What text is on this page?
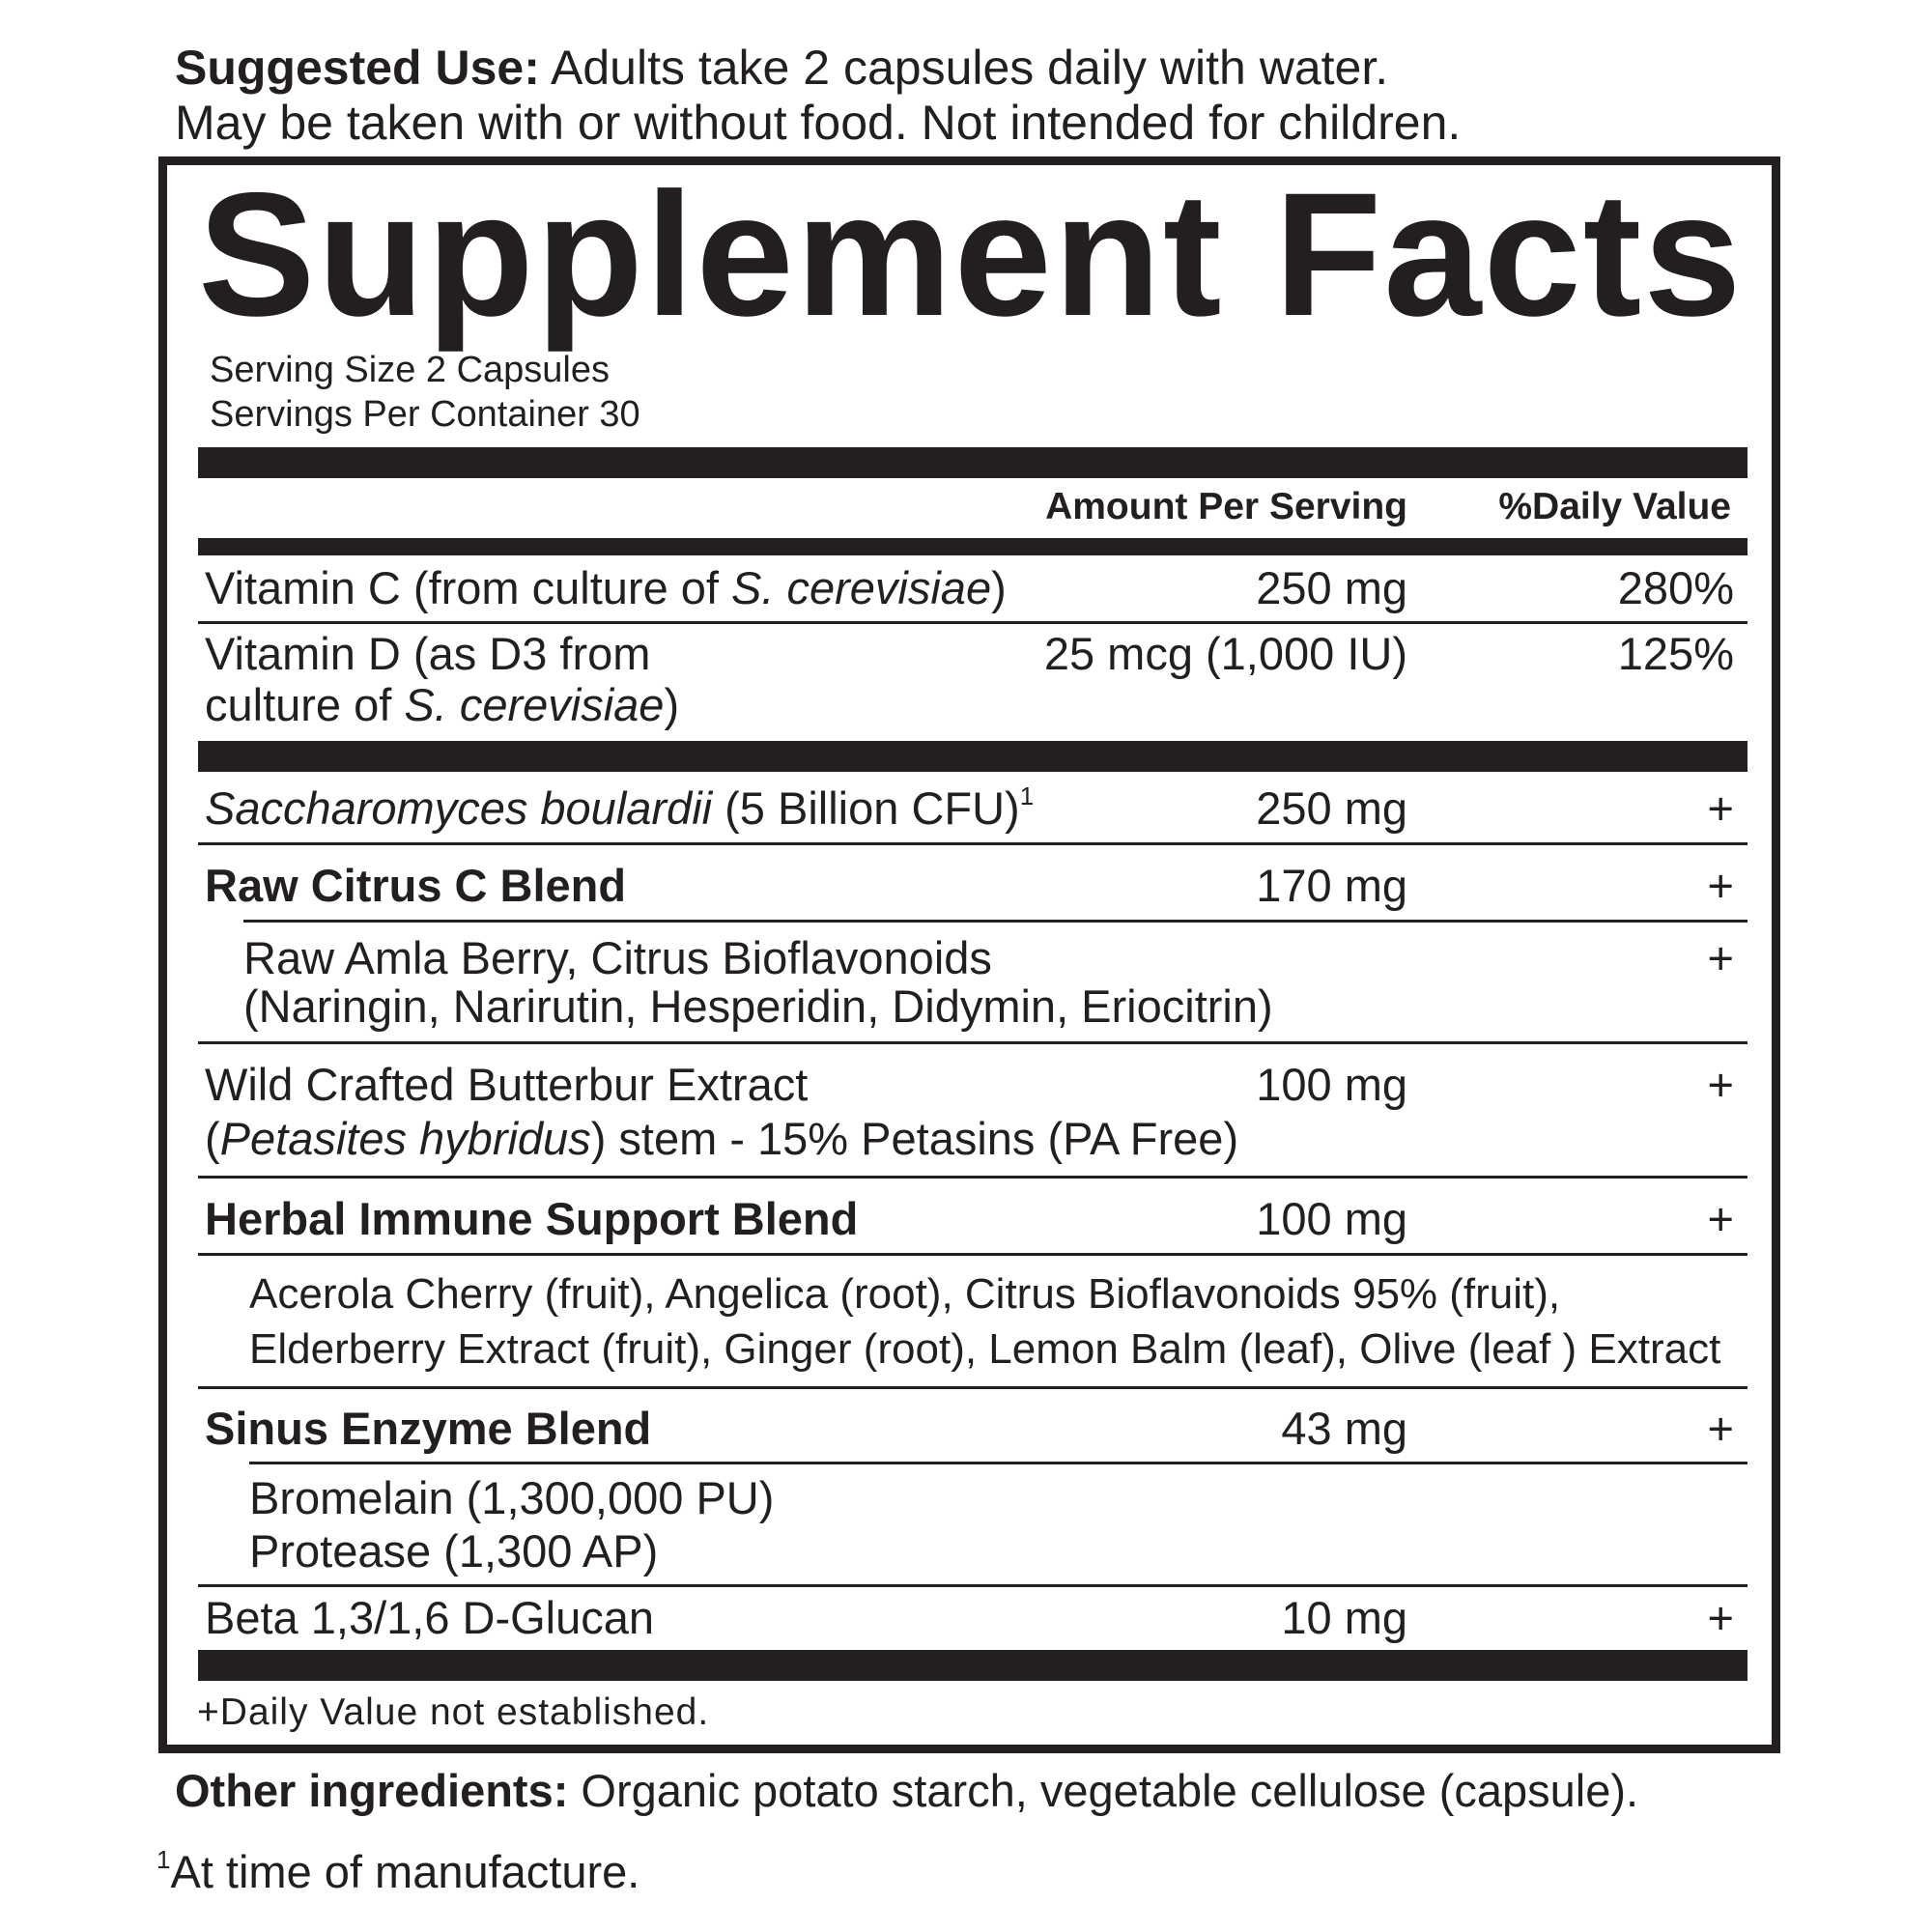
Suggested Use: Adults take 2 capsules daily with water.
May be taken with or without food. Not intended for children.
Supplement Facts
Serving Size 2 Capsules
Servings Per Container 30
Amount Per Serving %Daily Value
Vitamin C (from culture of S. cerevisiae)	250 mg	280%
Vitamin D (as D3 from
culture of S. cerevisiae)
25 mcg (1,000 IU)	125%
Saccharomyces boulardii (5 Billion CFU)$^1$	250 mg	+
Raw Citrus C Blend	170 mg	+
Raw Amla Berry, Citrus Bioflavonoids
(Naringin, Narirutin, Hesperidin, Didymin, Eriocitrin)
+
Wild Crafted Butterbur Extract
(Petasites hybridus) stem - 15% Petasins (PA Free)
100 mg	+
Herbal Immune Support Blend	100 mg	+
Acerola Cherry (fruit), Angelica (root), Citrus Bioflavonoids 95% (fruit),
Elderberry Extract (fruit), Ginger (root), Lemon Balm (leaf), Olive (leaf ) Extract
Sinus Enzyme Blend	43 mg	+
Bromelain (1,300,000 PU)
Protease (1,300 AP)
Beta 1,3/1,6 D-Glucan	10 mg	+
+Daily Value not established.
Other ingredients: Organic potato starch, vegetable cellulose (capsule).
$^1$At time of manufacture.
